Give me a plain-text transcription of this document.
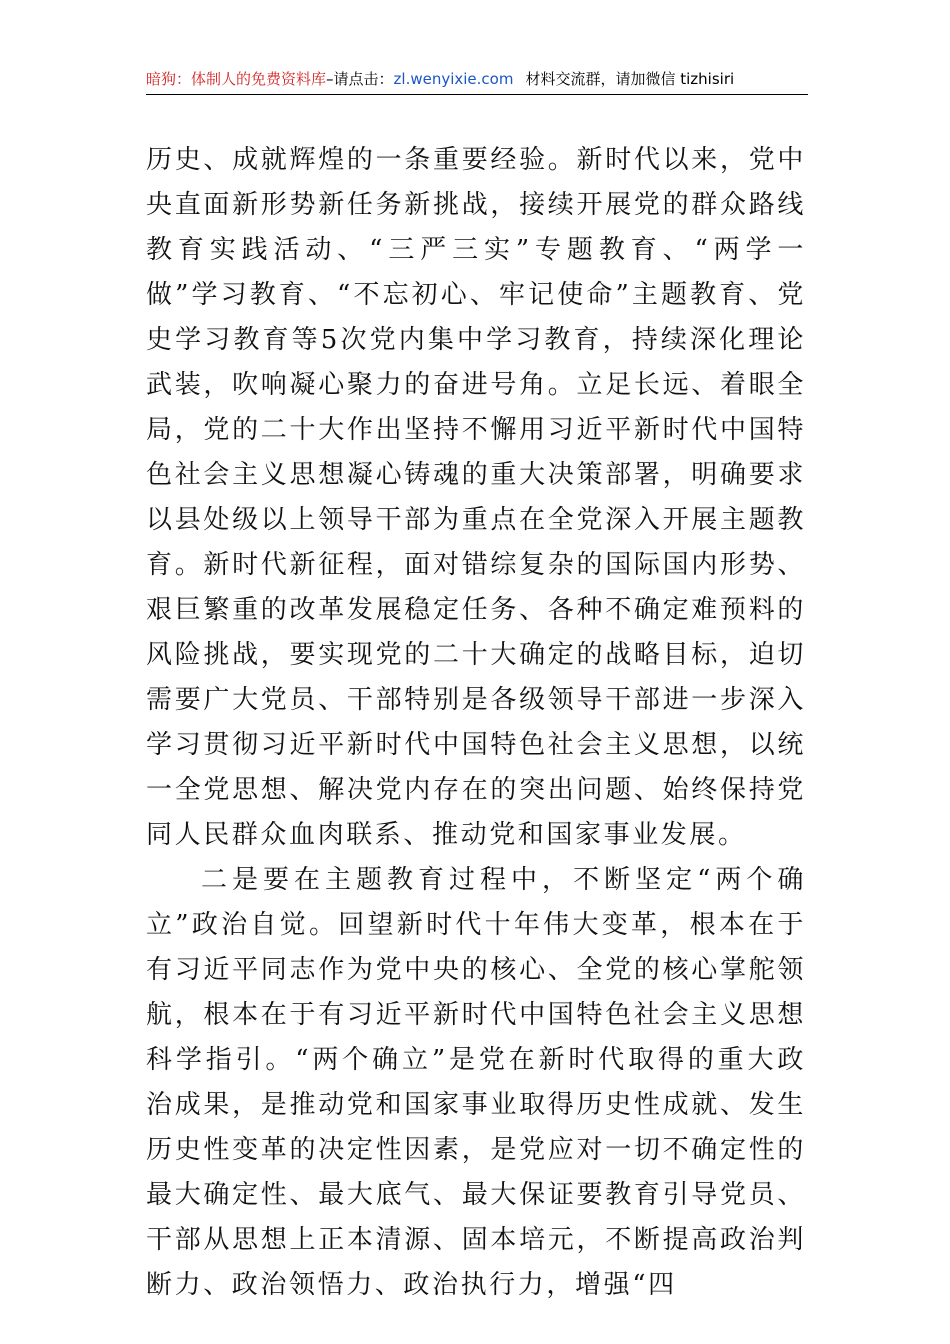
暗狗：体制人的免费资料库–请点击：zl.wenyixie.com 材料交流群，请加微信 tizhisiri

历史、成就辉煌的一条重要经验。新时代以来，党中央直面新形势新任务新挑战，接续开展党的群众路线教育实践活动、“三严三实”专题教育、“两学一做”学习教育、“不忘初心、牢记使命”主题教育、党史学习教育等5次党内集中学习教育，持续深化理论武装，吹响凝心聚力的奋进号角。立足长远、着眼全局，党的二十大作出坚持不懈用习近平新时代中国特色社会主义思想凝心铸魂的重大决策部署，明确要求以县处级以上领导干部为重点在全党深入开展主题教育。新时代新征程，面对错综复杂的国际国内形势、艰巨繁重的改革发展稳定任务、各种不确定难预料的风险挑战，要实现党的二十大确定的战略目标，迫切需要广大党员、干部特别是各级领导干部进一步深入学习贯彻习近平新时代中国特色社会主义思想，以统一全党思想、解决党内存在的突出问题、始终保持党同人民群众血肉联系、推动党和国家事业发展。

二是要在主题教育过程中，不断坚定“两个确立”政治自觉。回望新时代十年伟大变革，根本在于有习近平同志作为党中央的核心、全党的核心掌舵领航，根本在于有习近平新时代中国特色社会主义思想科学指引。“两个确立”是党在新时代取得的重大政治成果，是推动党和国家事业取得历史性成就、发生历史性变革的决定性因素，是党应对一切不确定性的最大确定性、最大底气、最大保证要教育引导党员、干部从思想上正本清源、固本培元，不断提高政治判断力、政治领悟力、政治执行力，增强“四
